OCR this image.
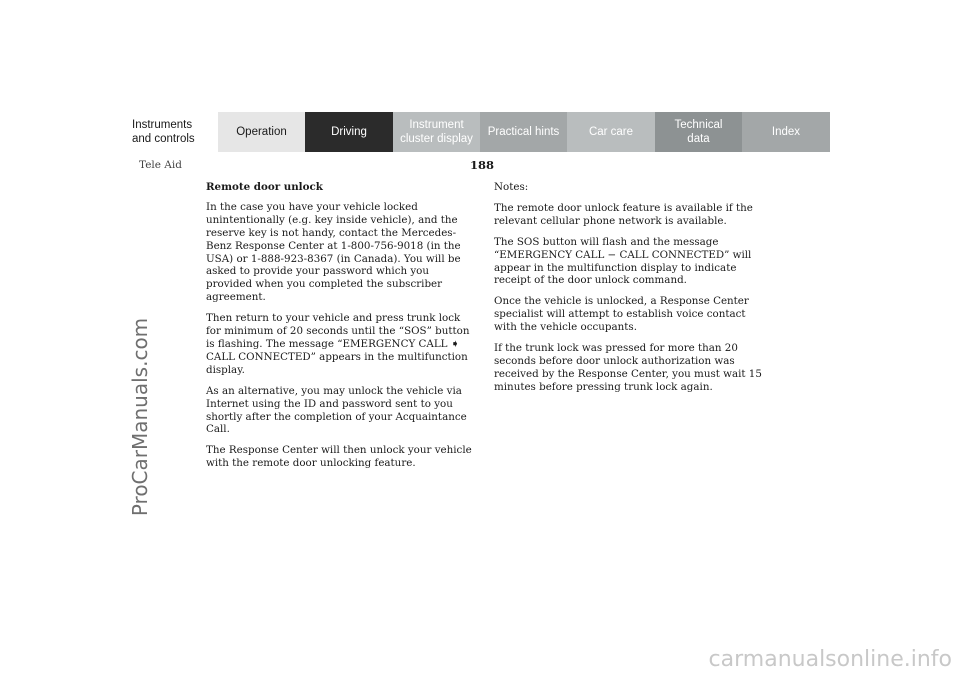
Instruments
and controls
Operation	Driving
Instrument
cluster display
Practical hints	Car care
Technical
data
Index
Tele Aid	188
Remote door unlock

In the case you have your vehicle locked unintentionally (e.g. key inside vehicle), and the reserve key is not handy, contact the Mercedes-Benz Response Center at 1-800-756-9018 (in the USA) or 1-888-923-8367 (in Canada). You will be asked to provide your password which you provided when you completed the subscriber agreement.

Then return to your vehicle and press trunk lock for minimum of 20 seconds until the “SOS” button is flashing. The message “EMERGENCY CALL ➧ CALL CONNECTED” appears in the multifunction display.

As an alternative, you may unlock the vehicle via Internet using the ID and password sent to you shortly after the completion of your Acquaintance Call.

The Response Center will then unlock your vehicle with the remote door unlocking feature.

Notes:

The remote door unlock feature is available if the relevant cellular phone network is available.

The SOS button will flash and the message “EMERGENCY CALL − CALL CONNECTED” will appear in the multifunction display to indicate receipt of the door unlock command.

Once the vehicle is unlocked, a Response Center specialist will attempt to establish voice contact with the vehicle occupants.

If the trunk lock was pressed for more than 20 seconds before door unlock authorization was received by the Response Center, you must wait 15 minutes before pressing trunk lock again.

ProCarManuals.com
carmanualsonline.info
